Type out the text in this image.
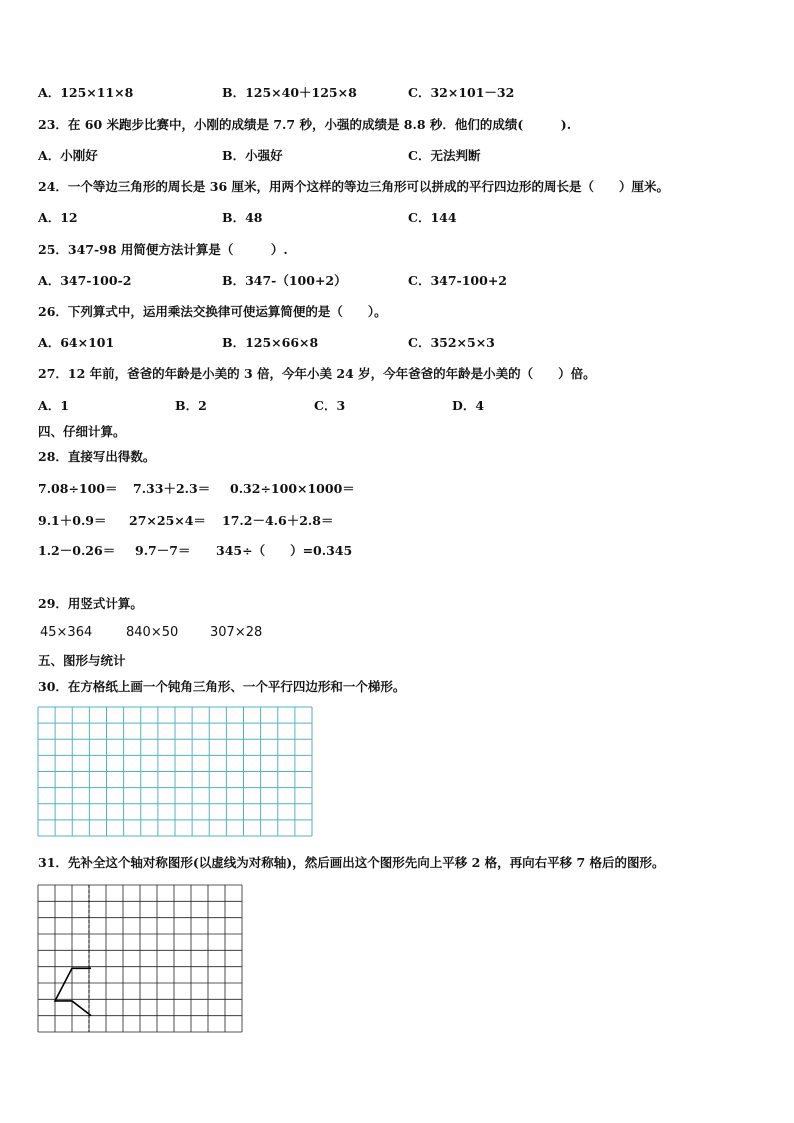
A．125×11×8	B．125×40＋125×8	C．32×101－32
23．在 60 米跑步比赛中，小刚的成绩是 7.7 秒，小强的成绩是 8.8 秒．他们的成绩(　　　).
A．小刚好	B．小强好	C．无法判断
24．一个等边三角形的周长是 36 厘米，用两个这样的等边三角形可以拼成的平行四边形的周长是（　　）厘米。
A．12	B．48	C．144
25．347-98 用简便方法计算是（　　　）.
A．347-100-2	B．347-（100+2）	C．347-100+2
26．下列算式中，运用乘法交换律可使运算简便的是（　　）。
A．64×101	B．125×66×8	C．352×5×3
27．12 年前，爸爸的年龄是小美的 3 倍，今年小美 24 岁，今年爸爸的年龄是小美的（　　）倍。
A．1	B．2	C．3	D．4
四、仔细计算。
28．直接写出得数。
7.08÷100＝ 7.33＋2.3＝ 0.32÷100×1000＝
9.1＋0.9＝ 27×25×4＝ 17.2－4.6＋2.8＝
1.2－0.26＝ 9.7－7＝ 345÷（　　）=0.345
29．用竖式计算。
45×364	840×50 307×28
五、图形与统计
30．在方格纸上画一个钝角三角形、一个平行四边形和一个梯形。
31．先补全这个轴对称图形(以虚线为对称轴)，然后画出这个图形先向上平移 2 格，再向右平移 7 格后的图形。
